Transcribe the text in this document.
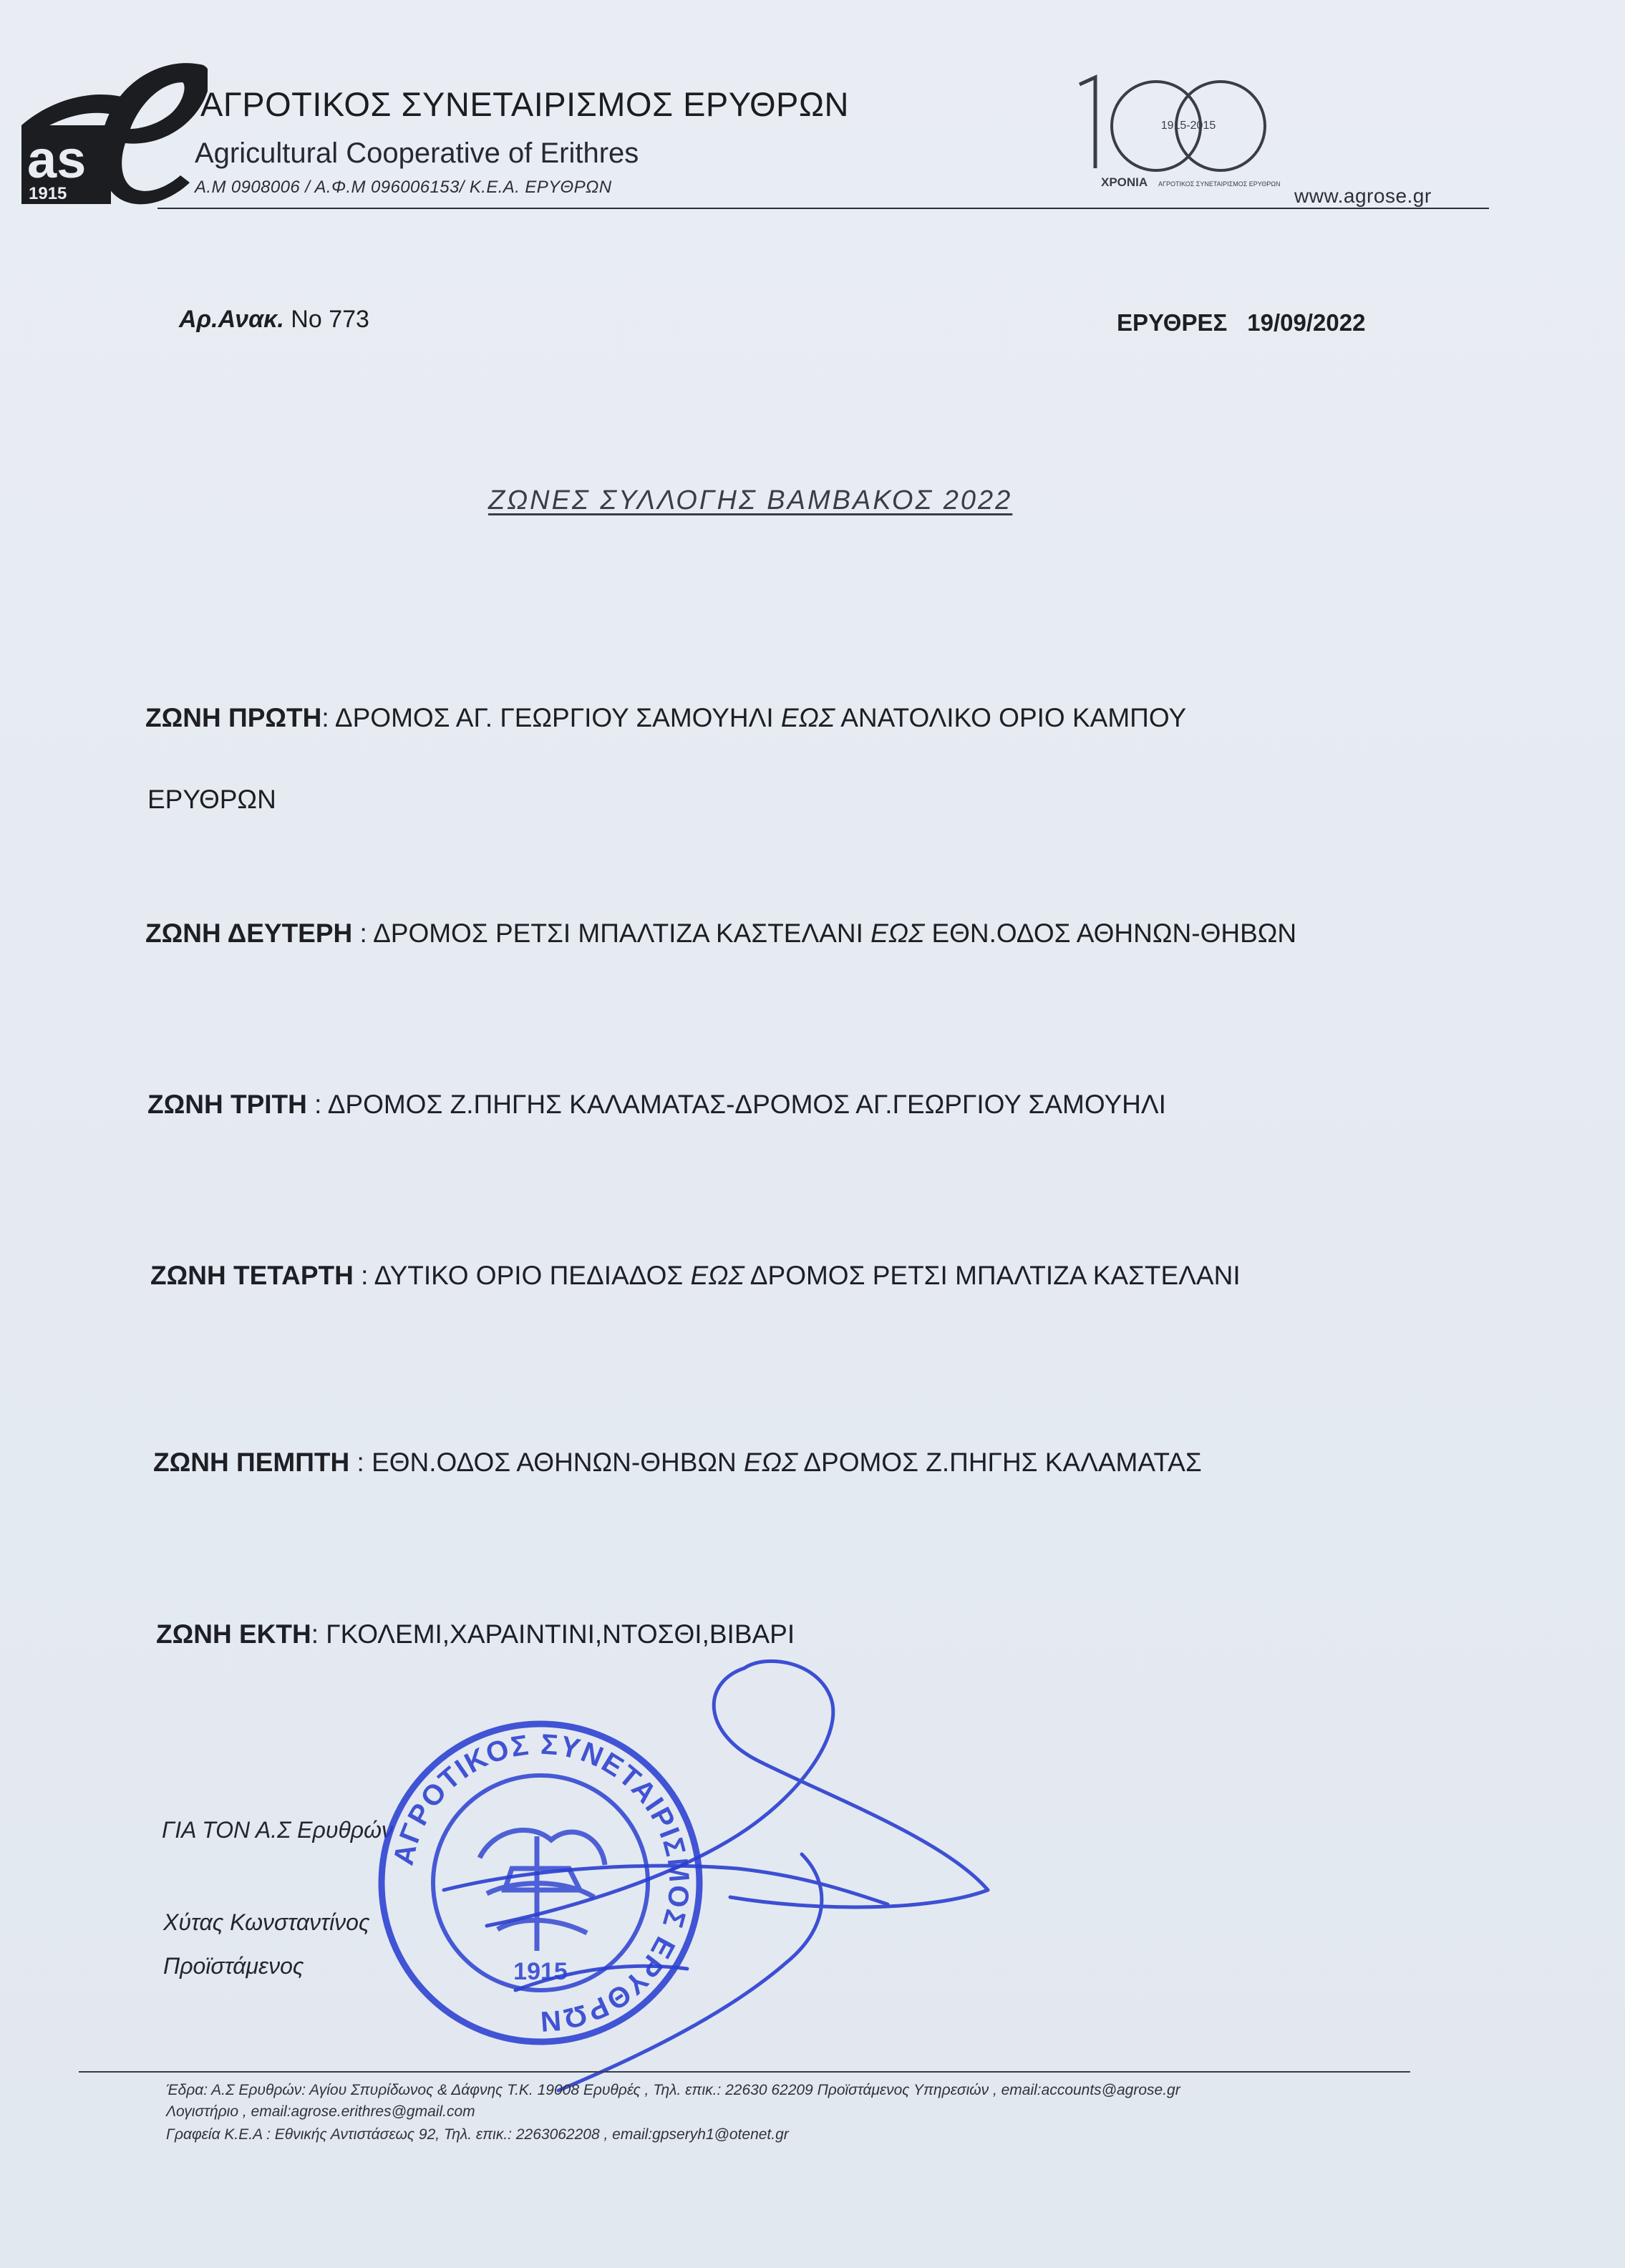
as
1915
ΑΓΡΟΤΙΚΟΣ ΣΥΝΕΤΑΙΡΙΣΜΟΣ ΕΡΥΘΡΩΝ
Agricultural Cooperative of Erithres
Α.Μ 0908006 / Α.Φ.Μ 096006153/ Κ.Ε.Α. ΕΡΥΘΡΩΝ
1915-2015
ΧΡΟΝΙΑ ΑΓΡΟΤΙΚΟΣ ΣΥΝΕΤΑΙΡΙΣΜΟΣ ΕΡΥΘΡΩΝ
www.agrose.gr
Αρ.Ανακ. Νο 773	ΕΡΥΘΡΕΣ 19/09/2022
ΖΩΝΕΣ ΣΥΛΛΟΓΗΣ ΒΑΜΒΑΚΟΣ 2022
ΖΩΝΗ ΠΡΩΤΗ: ΔΡΟΜΟΣ ΑΓ. ΓΕΩΡΓΙΟΥ ΣΑΜΟΥΗΛΙ ΕΩΣ ΑΝΑΤΟΛΙΚΟ ΟΡΙΟ ΚΑΜΠΟΥ
ΕΡΥΘΡΩΝ
ΖΩΝΗ ΔΕΥΤΕΡΗ : ΔΡΟΜΟΣ ΡΕΤΣΙ ΜΠΑΛΤΙΖΑ ΚΑΣΤΕΛΑΝΙ ΕΩΣ ΕΘΝ.ΟΔΟΣ ΑΘΗΝΩΝ-ΘΗΒΩΝ
ΖΩΝΗ ΤΡΙΤΗ : ΔΡΟΜΟΣ Ζ.ΠΗΓΗΣ ΚΑΛΑΜΑΤΑΣ-ΔΡΟΜΟΣ ΑΓ.ΓΕΩΡΓΙΟΥ ΣΑΜΟΥΗΛΙ
ΖΩΝΗ ΤΕΤΑΡΤΗ : ΔΥΤΙΚΟ ΟΡΙΟ ΠΕΔΙΑΔΟΣ ΕΩΣ ΔΡΟΜΟΣ ΡΕΤΣΙ ΜΠΑΛΤΙΖΑ ΚΑΣΤΕΛΑΝΙ
ΖΩΝΗ ΠΕΜΠΤΗ : ΕΘΝ.ΟΔΟΣ ΑΘΗΝΩΝ-ΘΗΒΩΝ ΕΩΣ ΔΡΟΜΟΣ Ζ.ΠΗΓΗΣ ΚΑΛΑΜΑΤΑΣ
ΖΩΝΗ ΕΚΤΗ: ΓΚΟΛΕΜΙ,ΧΑΡΑΙΝΤΙΝΙ,ΝΤΟΣΘΙ,ΒΙΒΑΡΙ
ΓΙΑ ΤΟΝ Α.Σ Ερυθρών
Χύτας Κωνσταντίνος
Προϊστάμενος
ΑΓΡΟΤΙΚΟΣ ΣΥΝΕΤΑΙΡΙΣΜΟΣ ΕΡΥΘΡΩΝ
1915
Έδρα: Α.Σ Ερυθρών: Αγίου Σπυρίδωνος & Δάφνης Τ.Κ. 19008 Ερυθρές , Τηλ. επικ.: 22630 62209 Προϊστάμενος Υπηρεσιών , email:accounts@agrose.gr
Λογιστήριο , email:agrose.erithres@gmail.com
Γραφεία Κ.Ε.Α : Εθνικής Αντιστάσεως 92, Τηλ. επικ.: 2263062208 , email:gpseryh1@otenet.gr
